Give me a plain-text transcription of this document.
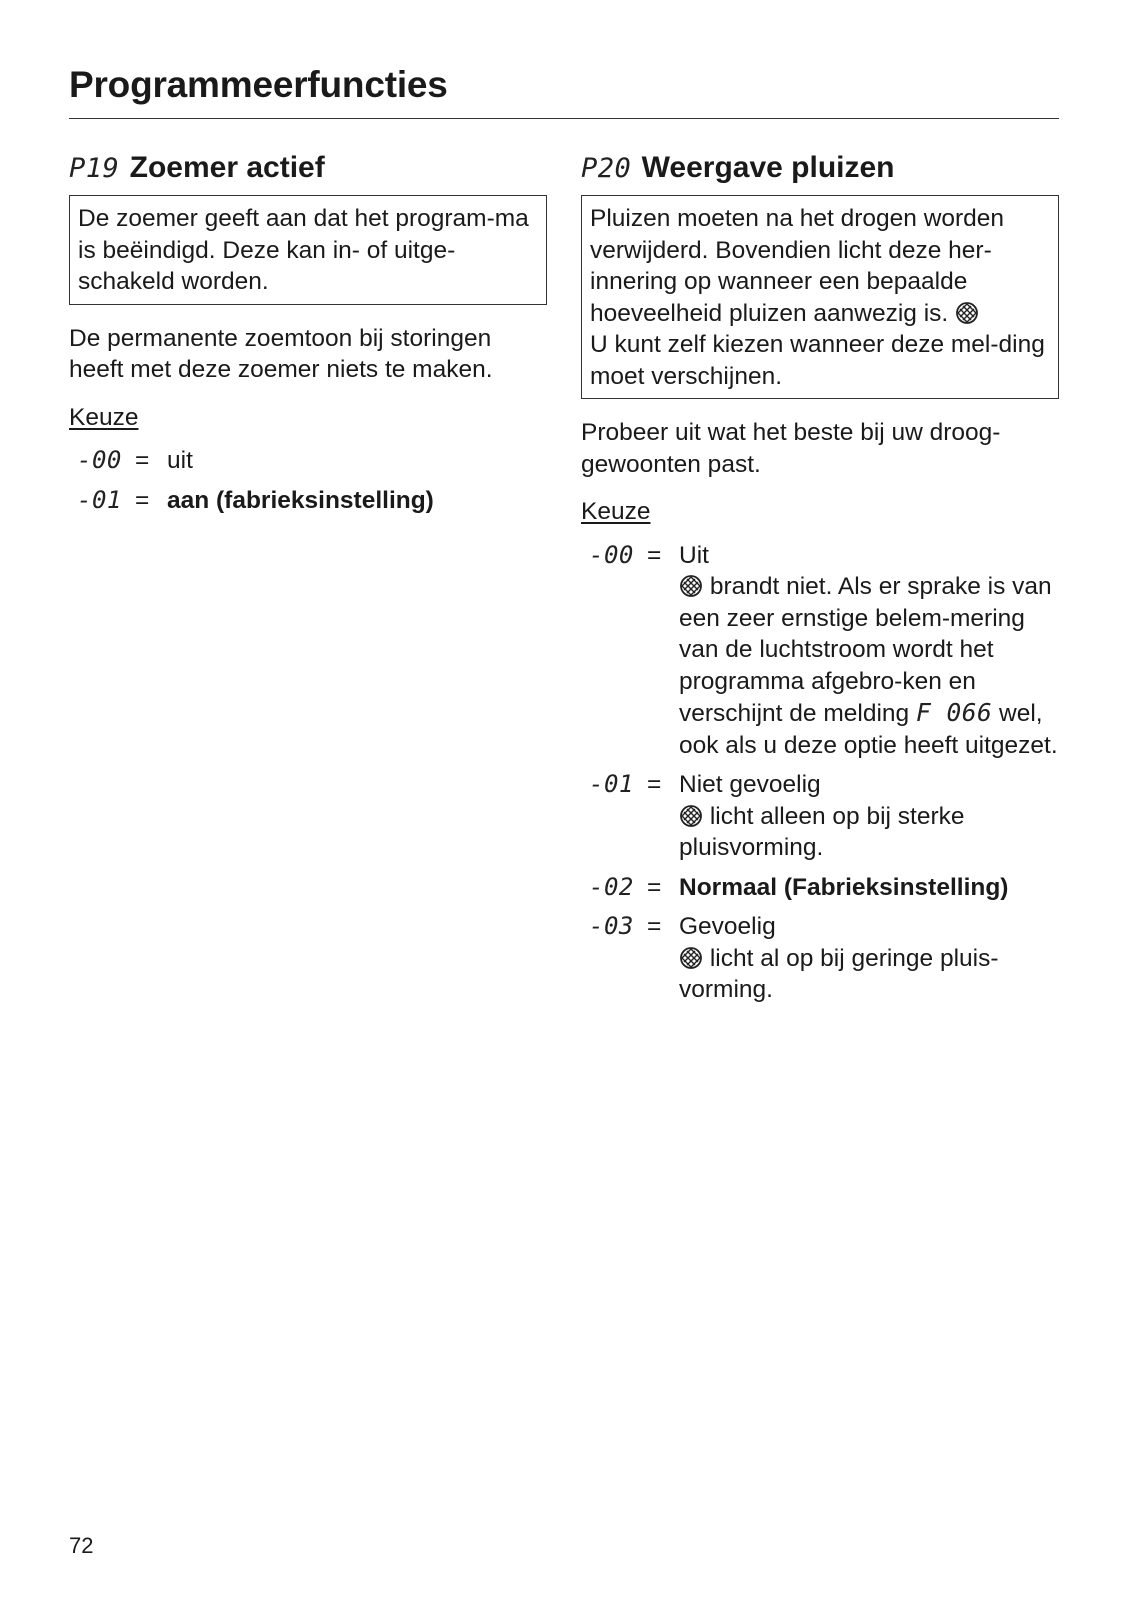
Programmeerfuncties
P19 Zoemer actief
De zoemer geeft aan dat het program-ma is beëindigd. Deze kan in- of uitge-schakeld worden.
De permanente zoemtoon bij storingen heeft met deze zoemer niets te maken.
Keuze
-00 = uit
-01 = aan (fabrieksinstelling)
P20 Weergave pluizen
Pluizen moeten na het drogen worden verwijderd. Bovendien licht deze her-innering op wanneer een bepaalde hoeveelheid pluizen aanwezig is.
U kunt zelf kiezen wanneer deze mel-ding moet verschijnen.
Probeer uit wat het beste bij uw droog-gewoonten past.
Keuze
-00 = Uit
brandt niet. Als er sprake is van een zeer ernstige belem-mering van de luchtstroom wordt het programma afgebro-ken en verschijnt de melding F 066 wel, ook als u deze optie heeft uitgezet.
-01 = Niet gevoelig
licht alleen op bij sterke pluisvorming.
-02 = Normaal (Fabrieksinstelling)
-03 = Gevoelig
licht al op bij geringe pluis-vorming.
72
